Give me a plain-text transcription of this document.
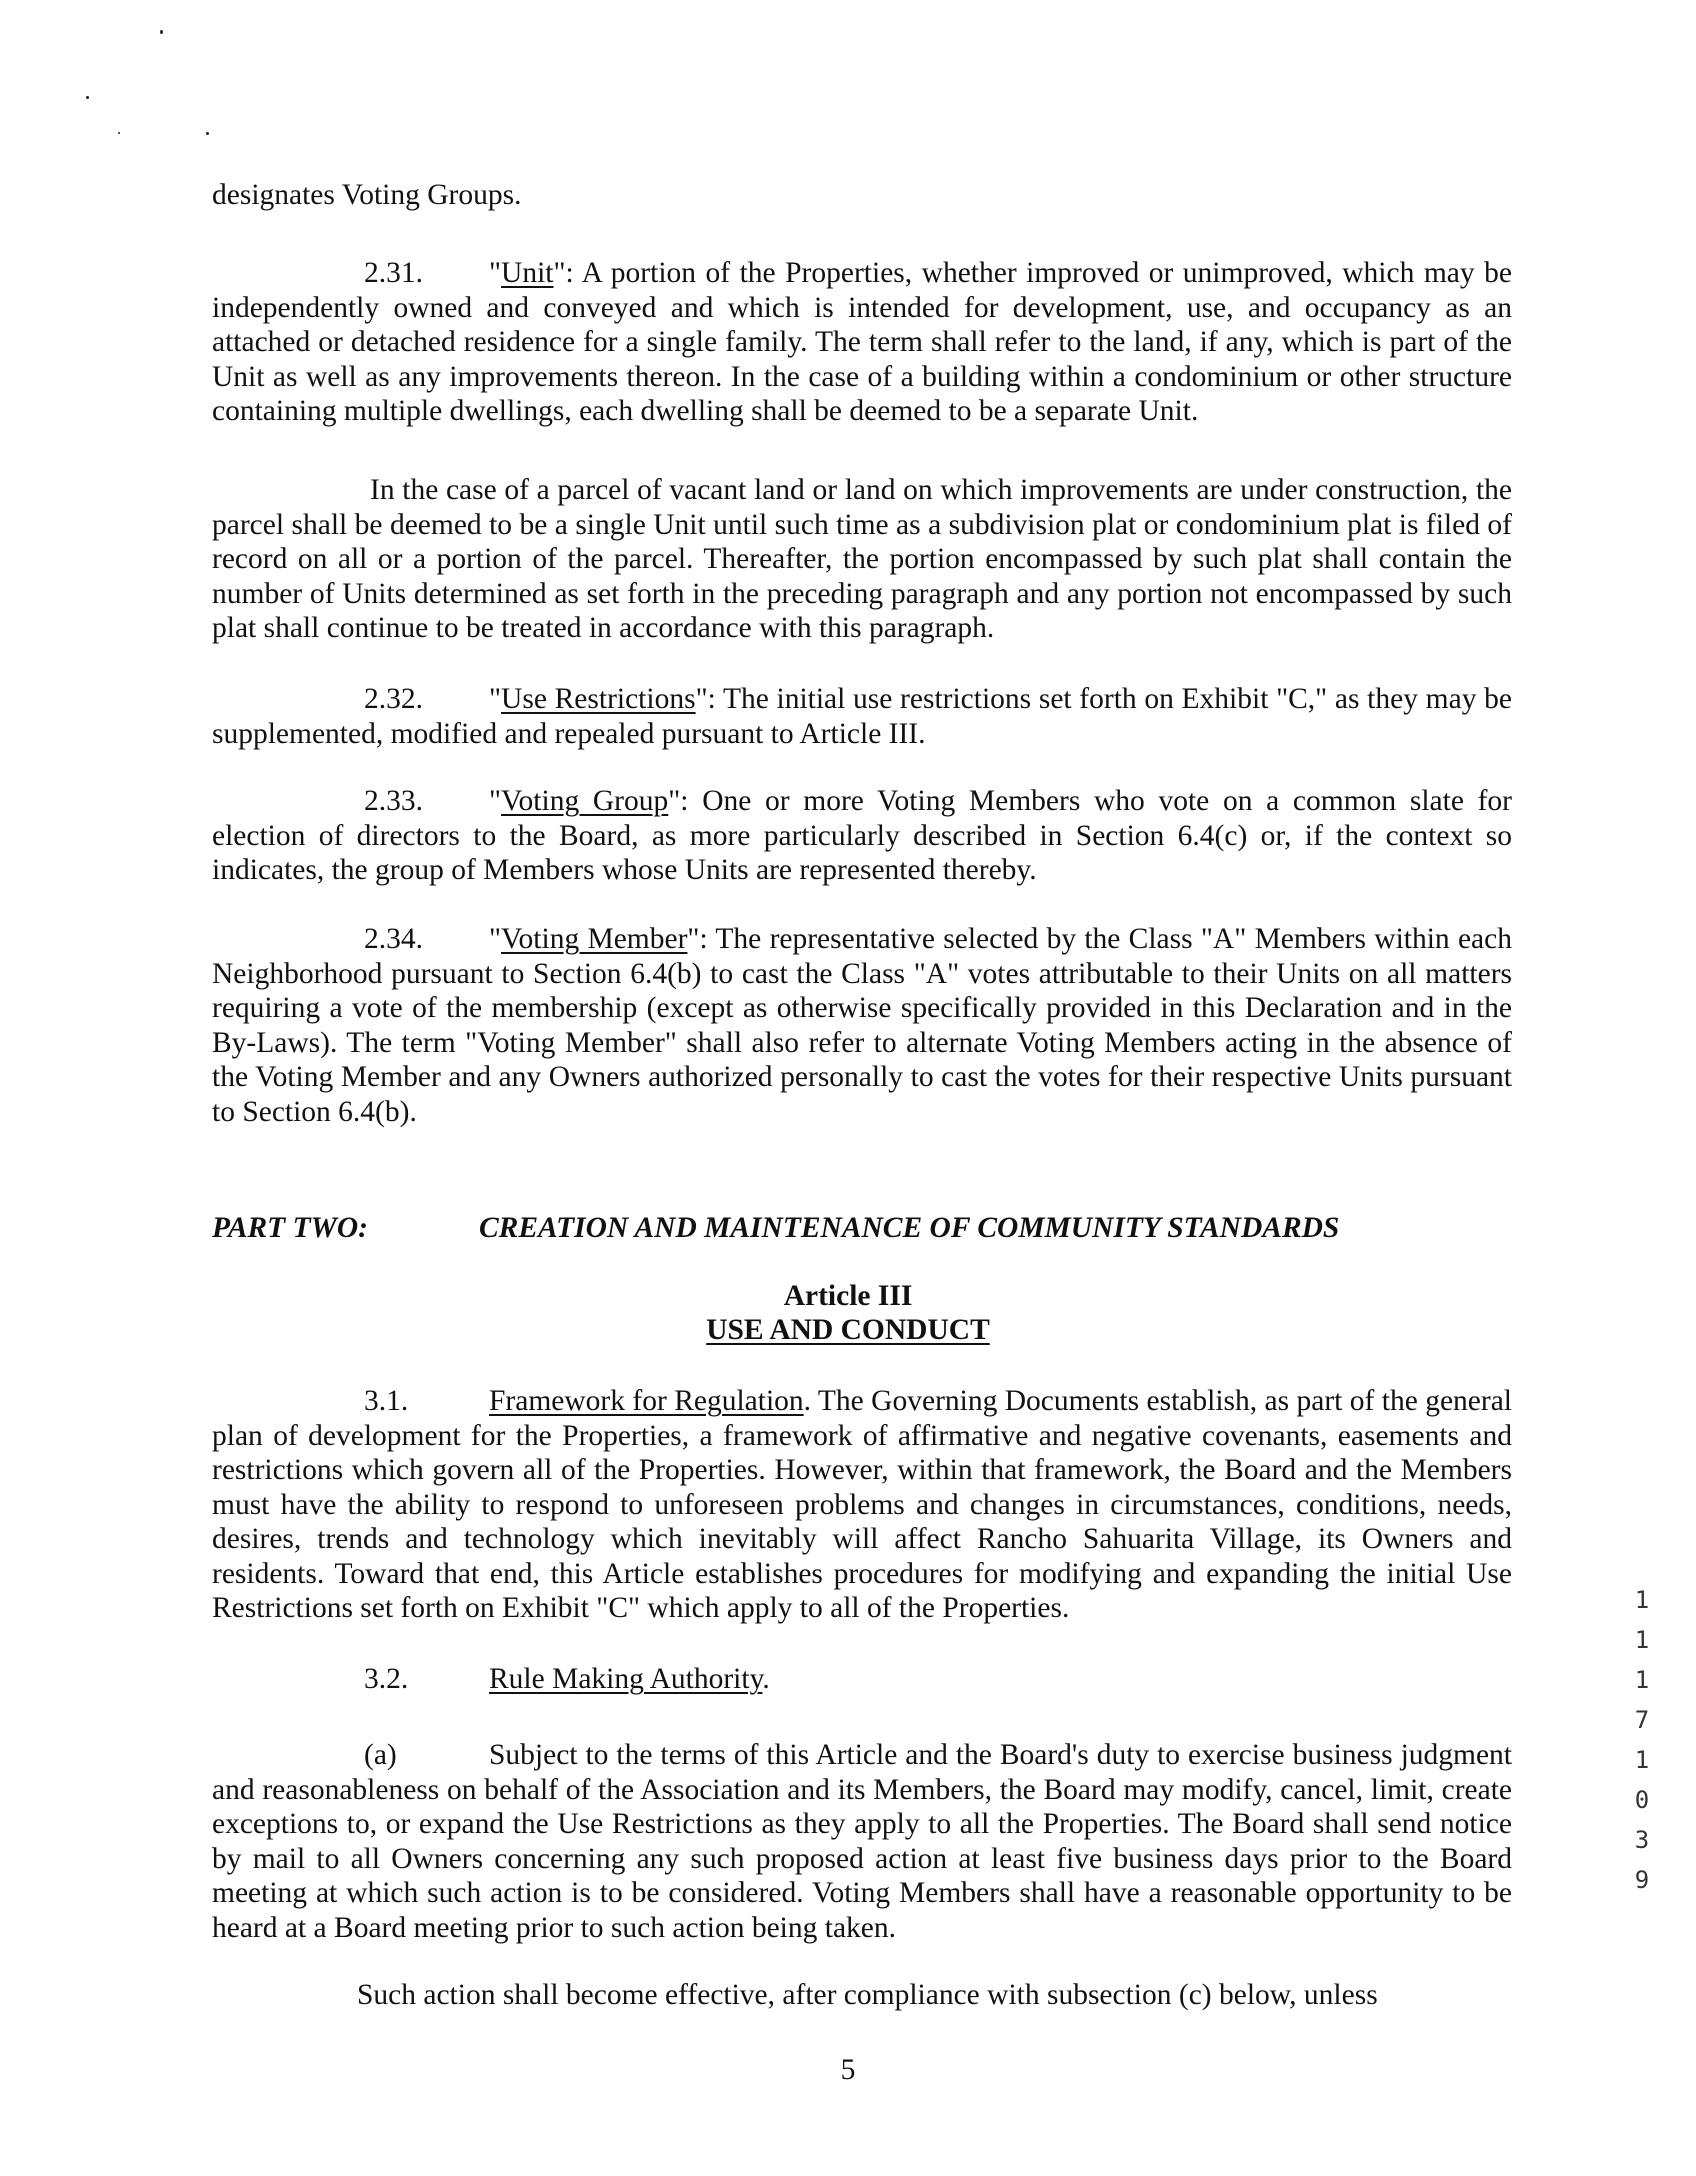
designates Voting Groups.
2.31. "Unit": A portion of the Properties, whether improved or unimproved, which may be independently owned and conveyed and which is intended for development, use, and occupancy as an attached or detached residence for a single family. The term shall refer to the land, if any, which is part of the Unit as well as any improvements thereon. In the case of a building within a condominium or other structure containing multiple dwellings, each dwelling shall be deemed to be a separate Unit.
In the case of a parcel of vacant land or land on which improvements are under construction, the parcel shall be deemed to be a single Unit until such time as a subdivision plat or condominium plat is filed of record on all or a portion of the parcel. Thereafter, the portion encompassed by such plat shall contain the number of Units determined as set forth in the preceding paragraph and any portion not encompassed by such plat shall continue to be treated in accordance with this paragraph.
2.32. "Use Restrictions": The initial use restrictions set forth on Exhibit "C," as they may be supplemented, modified and repealed pursuant to Article III.
2.33. "Voting Group": One or more Voting Members who vote on a common slate for election of directors to the Board, as more particularly described in Section 6.4(c) or, if the context so indicates, the group of Members whose Units are represented thereby.
2.34. "Voting Member": The representative selected by the Class "A" Members within each Neighborhood pursuant to Section 6.4(b) to cast the Class "A" votes attributable to their Units on all matters requiring a vote of the membership (except as otherwise specifically provided in this Declaration and in the By-Laws). The term "Voting Member" shall also refer to alternate Voting Members acting in the absence of the Voting Member and any Owners authorized personally to cast the votes for their respective Units pursuant to Section 6.4(b).
PART TWO:	CREATION AND MAINTENANCE OF COMMUNITY STANDARDS
Article III
USE AND CONDUCT
3.1.	Framework for Regulation. The Governing Documents establish, as part of the general plan of development for the Properties, a framework of affirmative and negative covenants, easements and restrictions which govern all of the Properties. However, within that framework, the Board and the Members must have the ability to respond to unforeseen problems and changes in circumstances, conditions, needs, desires, trends and technology which inevitably will affect Rancho Sahuarita Village, its Owners and residents. Toward that end, this Article establishes procedures for modifying and expanding the initial Use Restrictions set forth on Exhibit "C" which apply to all of the Properties.
3.2.	Rule Making Authority.
(a)	Subject to the terms of this Article and the Board's duty to exercise business judgment and reasonableness on behalf of the Association and its Members, the Board may modify, cancel, limit, create exceptions to, or expand the Use Restrictions as they apply to all the Properties. The Board shall send notice by mail to all Owners concerning any such proposed action at least five business days prior to the Board meeting at which such action is to be considered. Voting Members shall have a reasonable opportunity to be heard at a Board meeting prior to such action being taken.
Such action shall become effective, after compliance with subsection (c) below, unless
5
1
1
1
7
1
0
3
9
